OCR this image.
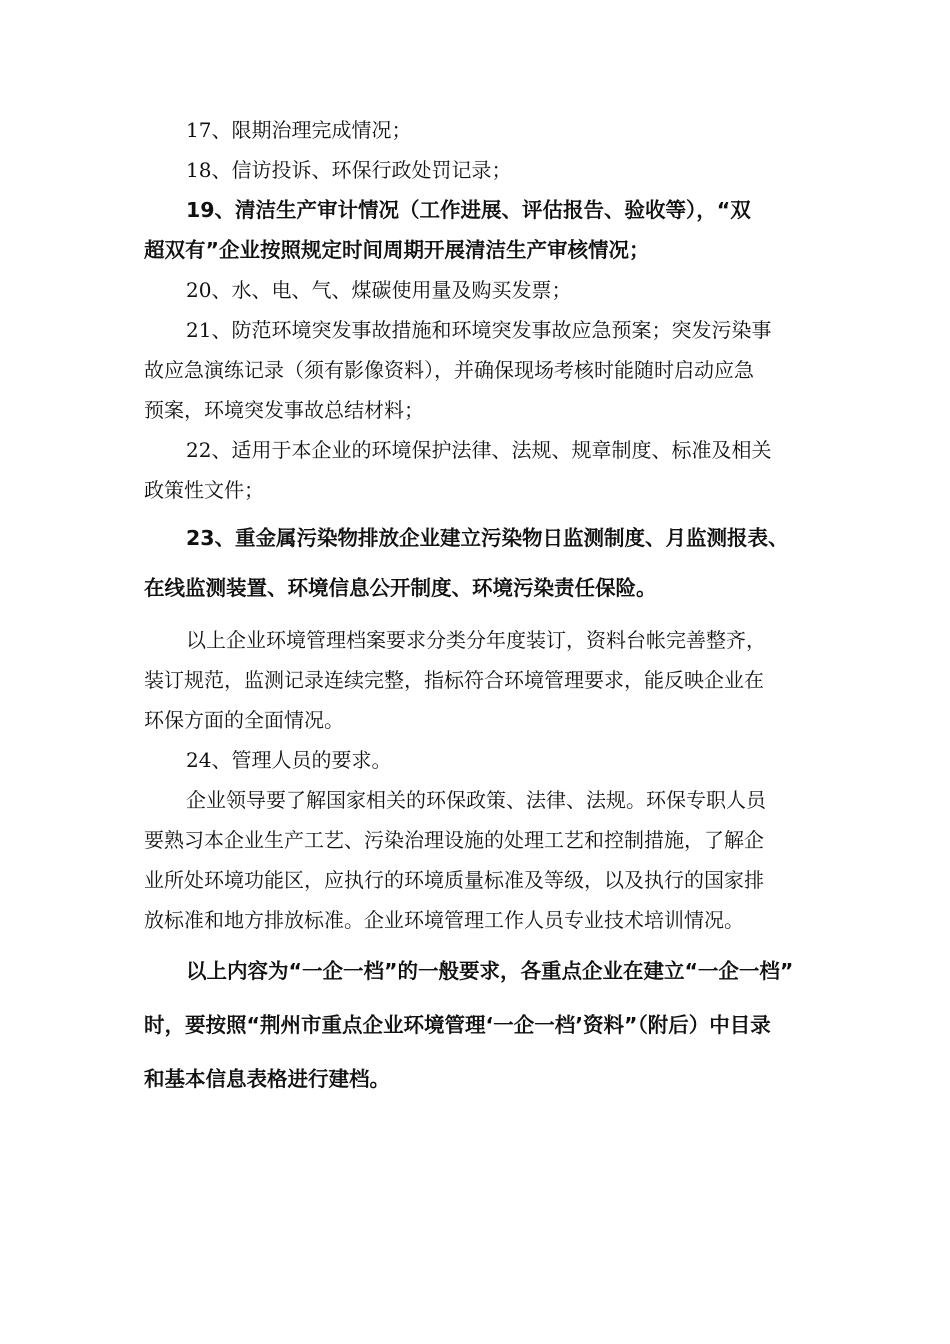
17、限期治理完成情况；
18、信访投诉、环保行政处罚记录；
19、清洁生产审计情况（工作进展、评估报告、验收等），“双
超双有”企业按照规定时间周期开展清洁生产审核情况；
20、水、电、气、煤碳使用量及购买发票；
21、防范环境突发事故措施和环境突发事故应急预案；突发污染事
故应急演练记录（须有影像资料），并确保现场考核时能随时启动应急
预案，环境突发事故总结材料；
22、适用于本企业的环境保护法律、法规、规章制度、标准及相关
政策性文件；
23、重金属污染物排放企业建立污染物日监测制度、月监测报表、
在线监测装置、环境信息公开制度、环境污染责任保险。
以上企业环境管理档案要求分类分年度装订，资料台帐完善整齐，
装订规范，监测记录连续完整，指标符合环境管理要求，能反映企业在
环保方面的全面情况。
24、管理人员的要求。
企业领导要了解国家相关的环保政策、法律、法规。环保专职人员
要熟习本企业生产工艺、污染治理设施的处理工艺和控制措施，了解企
业所处环境功能区，应执行的环境质量标准及等级，以及执行的国家排
放标准和地方排放标准。企业环境管理工作人员专业技术培训情况。
以上内容为“一企一档”的一般要求，各重点企业在建立“一企一档”
时，要按照“荆州市重点企业环境管理‘一企一档’资料”（附后）中目录
和基本信息表格进行建档。
